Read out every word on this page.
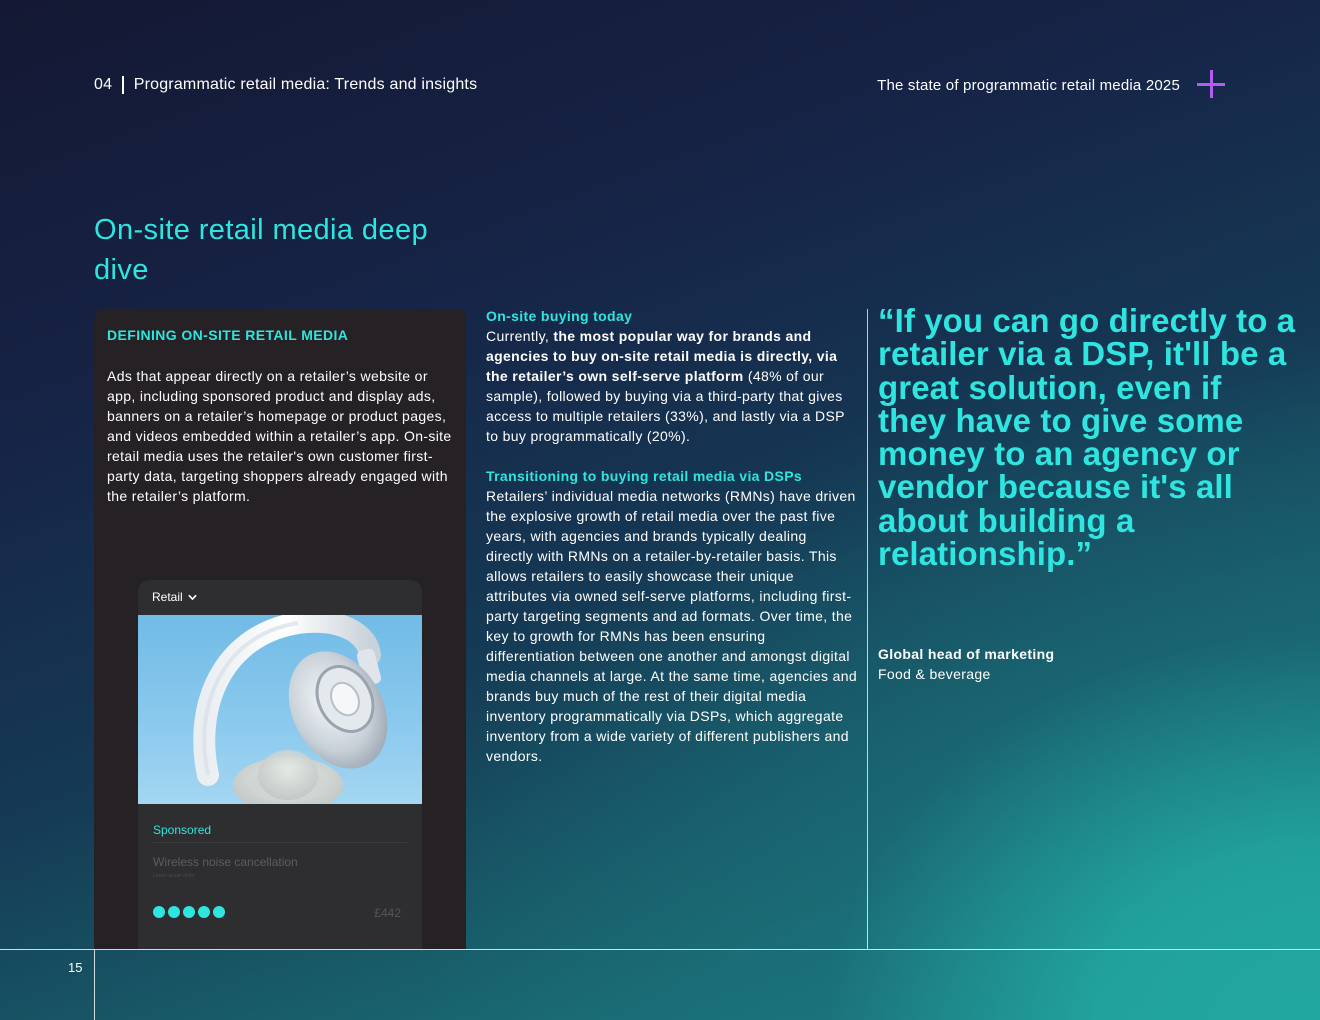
04 Programmatic retail media: Trends and insights	The state of programmatic retail media 2025
On-site retail media deep dive
DEFINING ON-SITE RETAIL MEDIA
Ads that appear directly on a retailer’s website or app, including sponsored product and display ads, banners on a retailer’s homepage or product pages, and videos embedded within a retailer’s app. On-site retail media uses the retailer's own customer first-party data, targeting shoppers already engaged with the retailer’s platform.
Retail
Sponsored
Wireless noise cancellation
Lorem ipsum dolor
£442
On-site buying today

Currently, the most popular way for brands and agencies to buy on-site retail media is directly, via the retailer’s own self-serve platform (48% of our sample), followed by buying via a third-party that gives access to multiple retailers (33%), and lastly via a DSP to buy programmatically (20%).

Transitioning to buying retail media via DSPs

Retailers’ individual media networks (RMNs) have driven the explosive growth of retail media over the past five years, with agencies and brands typically dealing directly with RMNs on a retailer-by-retailer basis. This allows retailers to easily showcase their unique attributes via owned self-serve platforms, including first-party targeting segments and ad formats. Over time, the key to growth for RMNs has been ensuring differentiation between one another and amongst digital media channels at large. At the same time, agencies and brands buy much of the rest of their digital media inventory programmatically via DSPs, which aggregate inventory from a wide variety of different publishers and vendors.

“If you can go directly to a retailer via a DSP, it'll be a great solution, even if they have to give some money to an agency or vendor because it's all about building a relationship.”
Global head of marketing
Food & beverage
15
